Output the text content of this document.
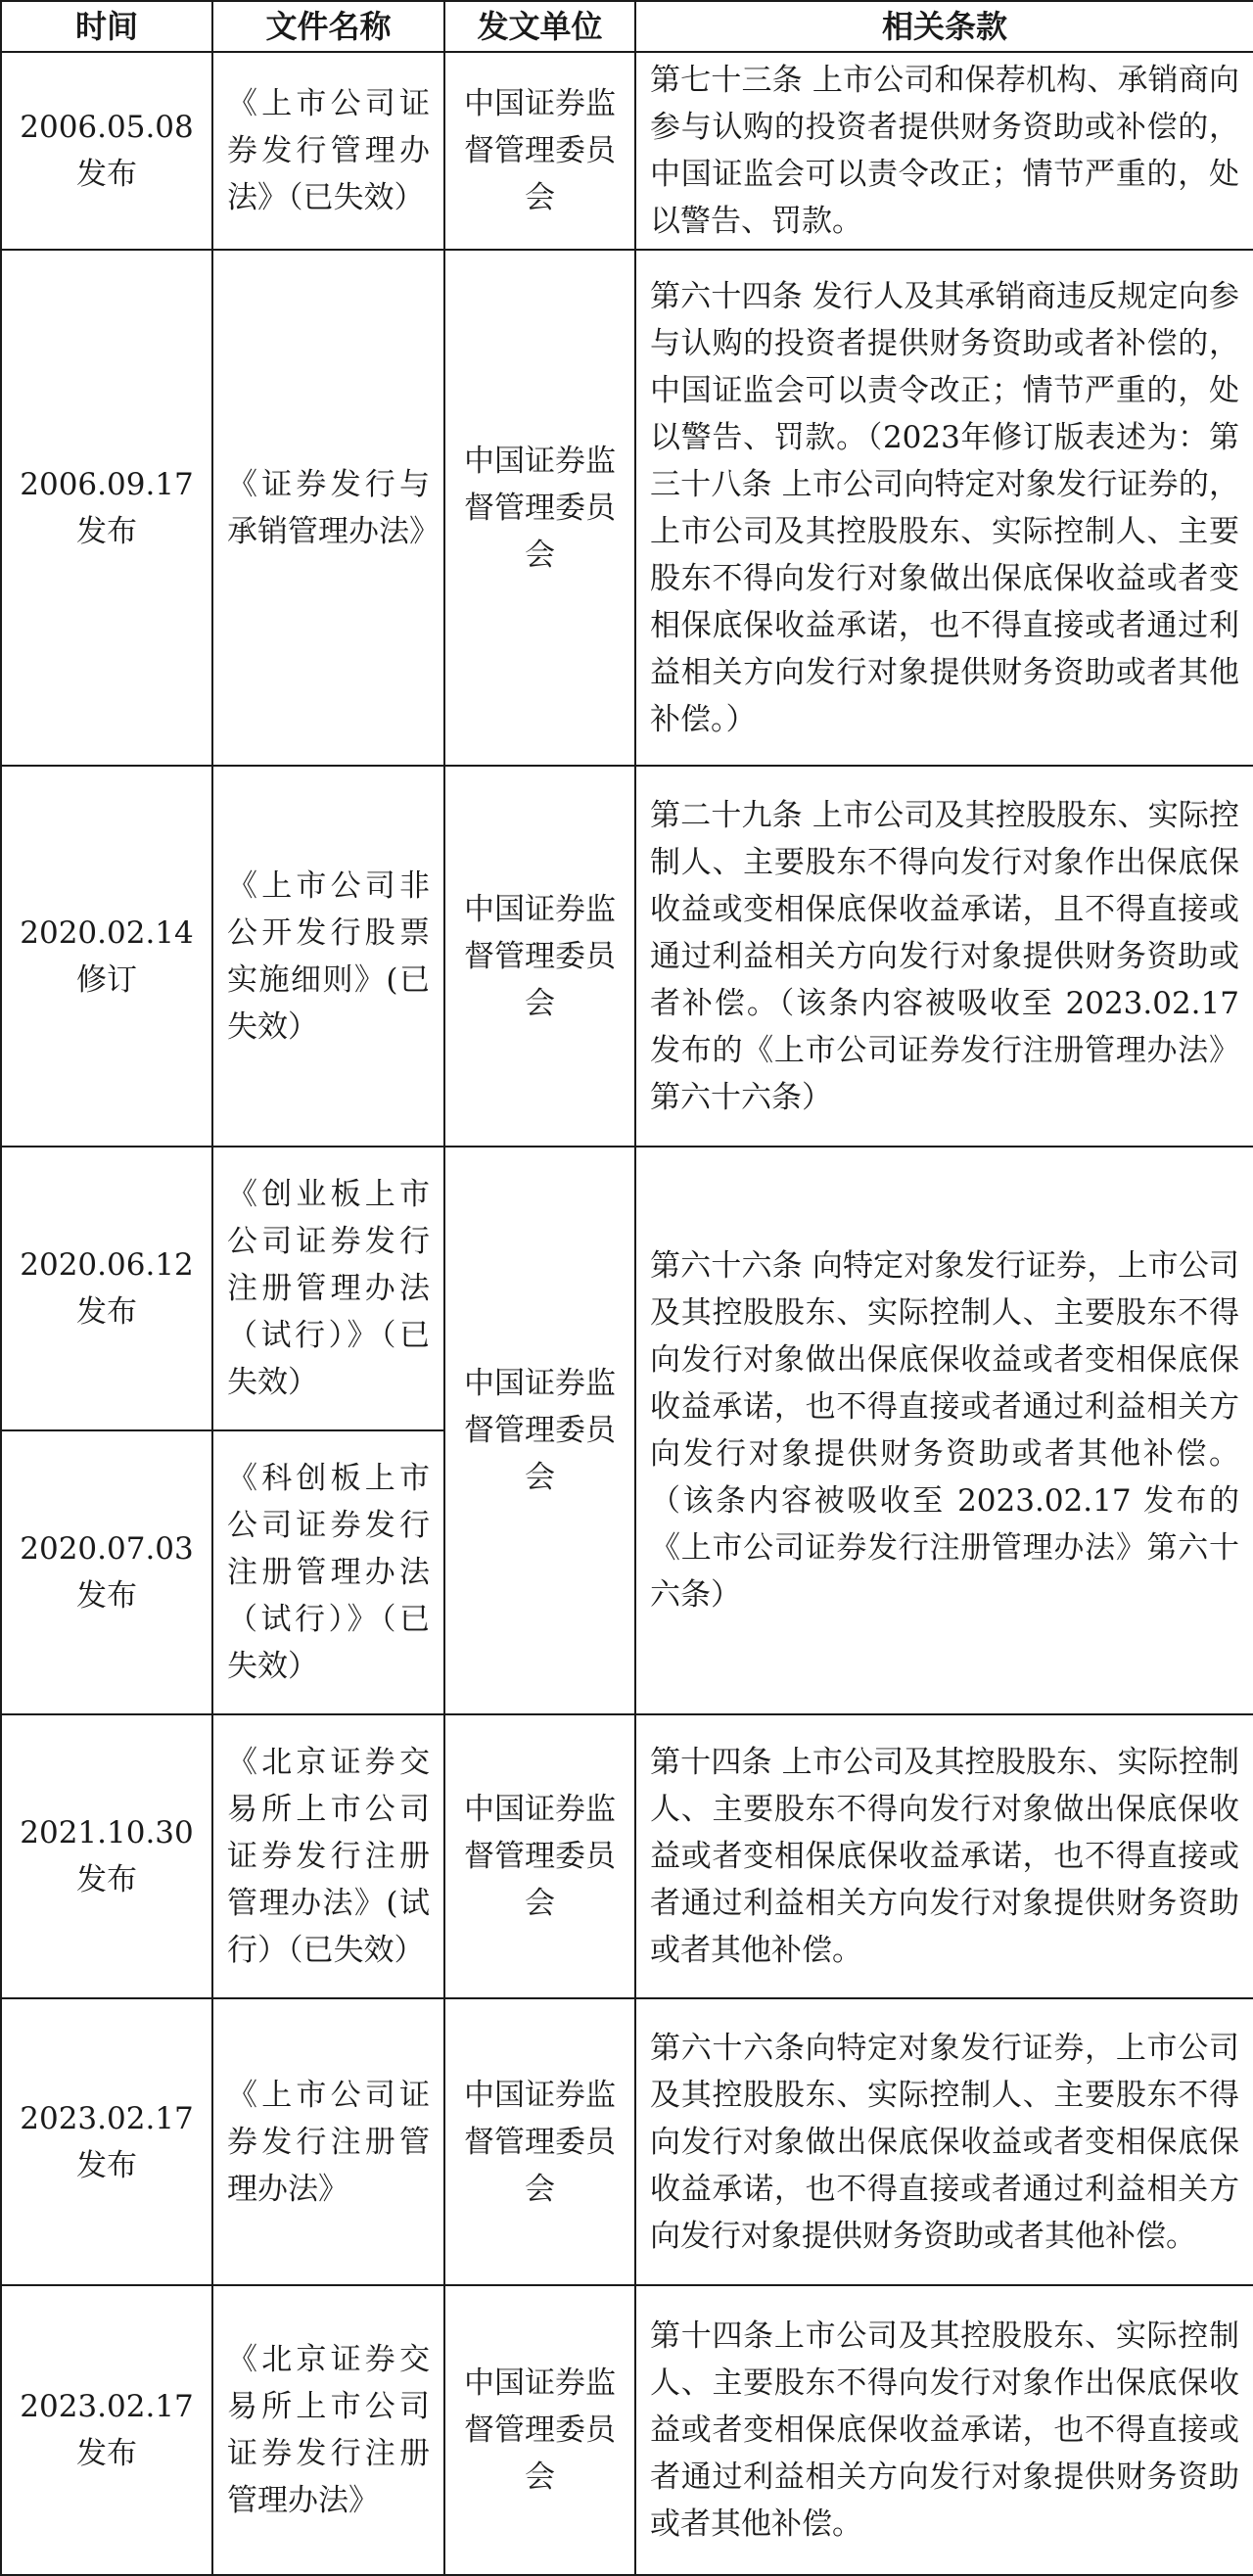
时间	文件名称	发文单位	相关条款

2006.05.08
发布	《上市公司证券发行管理办法》（已失效）	中国证券监督管理委员会	第七十三条 上市公司和保荐机构、承销商向参与认购的投资者提供财务资助或补偿的，中国证监会可以责令改正；情节严重的，处以警告、罚款。

2006.09.17
发布	《证券发行与承销管理办法》	中国证券监督管理委员会	第六十四条 发行人及其承销商违反规定向参与认购的投资者提供财务资助或者补偿的，中国证监会可以责令改正；情节严重的，处以警告、罚款。（2023年修订版表述为：第三十八条 上市公司向特定对象发行证券的，上市公司及其控股股东、实际控制人、主要股东不得向发行对象做出保底保收益或者变相保底保收益承诺，也不得直接或者通过利益相关方向发行对象提供财务资助或者其他补偿。）

2020.02.14
修订	《上市公司非公开发行股票实施细则》(已失效）	中国证券监督管理委员会	第二十九条 上市公司及其控股股东、实际控制人、主要股东不得向发行对象作出保底保收益或变相保底保收益承诺，且不得直接或通过利益相关方向发行对象提供财务资助或者补偿。（该条内容被吸收至 2023.02.17 发布的《上市公司证券发行注册管理办法》第六十六条）

2020.06.12
发布	《创业板上市公司证券发行注册管理办法（试行）》（已失效）	中国证券监督管理委员会	第六十六条 向特定对象发行证券，上市公司及其控股股东、实际控制人、主要股东不得向发行对象做出保底保收益或者变相保底保收益承诺，也不得直接或者通过利益相关方向发行对象提供财务资助或者其他补偿。（该条内容被吸收至 2023.02.17 发布的《上市公司证券发行注册管理办法》第六十六条）

2020.07.03
发布	《科创板上市公司证券发行注册管理办法（试行）》（已失效）		

2021.10.30
发布	《北京证券交易所上市公司证券发行注册管理办法》(试行）（已失效）	中国证券监督管理委员会	第十四条 上市公司及其控股股东、实际控制人、主要股东不得向发行对象做出保底保收益或者变相保底保收益承诺，也不得直接或者通过利益相关方向发行对象提供财务资助或者其他补偿。

2023.02.17
发布	《上市公司证券发行注册管理办法》	中国证券监督管理委员会	第六十六条向特定对象发行证券，上市公司及其控股股东、实际控制人、主要股东不得向发行对象做出保底保收益或者变相保底保收益承诺，也不得直接或者通过利益相关方向发行对象提供财务资助或者其他补偿。

2023.02.17
发布	《北京证券交易所上市公司证券发行注册管理办法》	中国证券监督管理委员会	第十四条上市公司及其控股股东、实际控制人、主要股东不得向发行对象作出保底保收益或者变相保底保收益承诺，也不得直接或者通过利益相关方向发行对象提供财务资助或者其他补偿。
